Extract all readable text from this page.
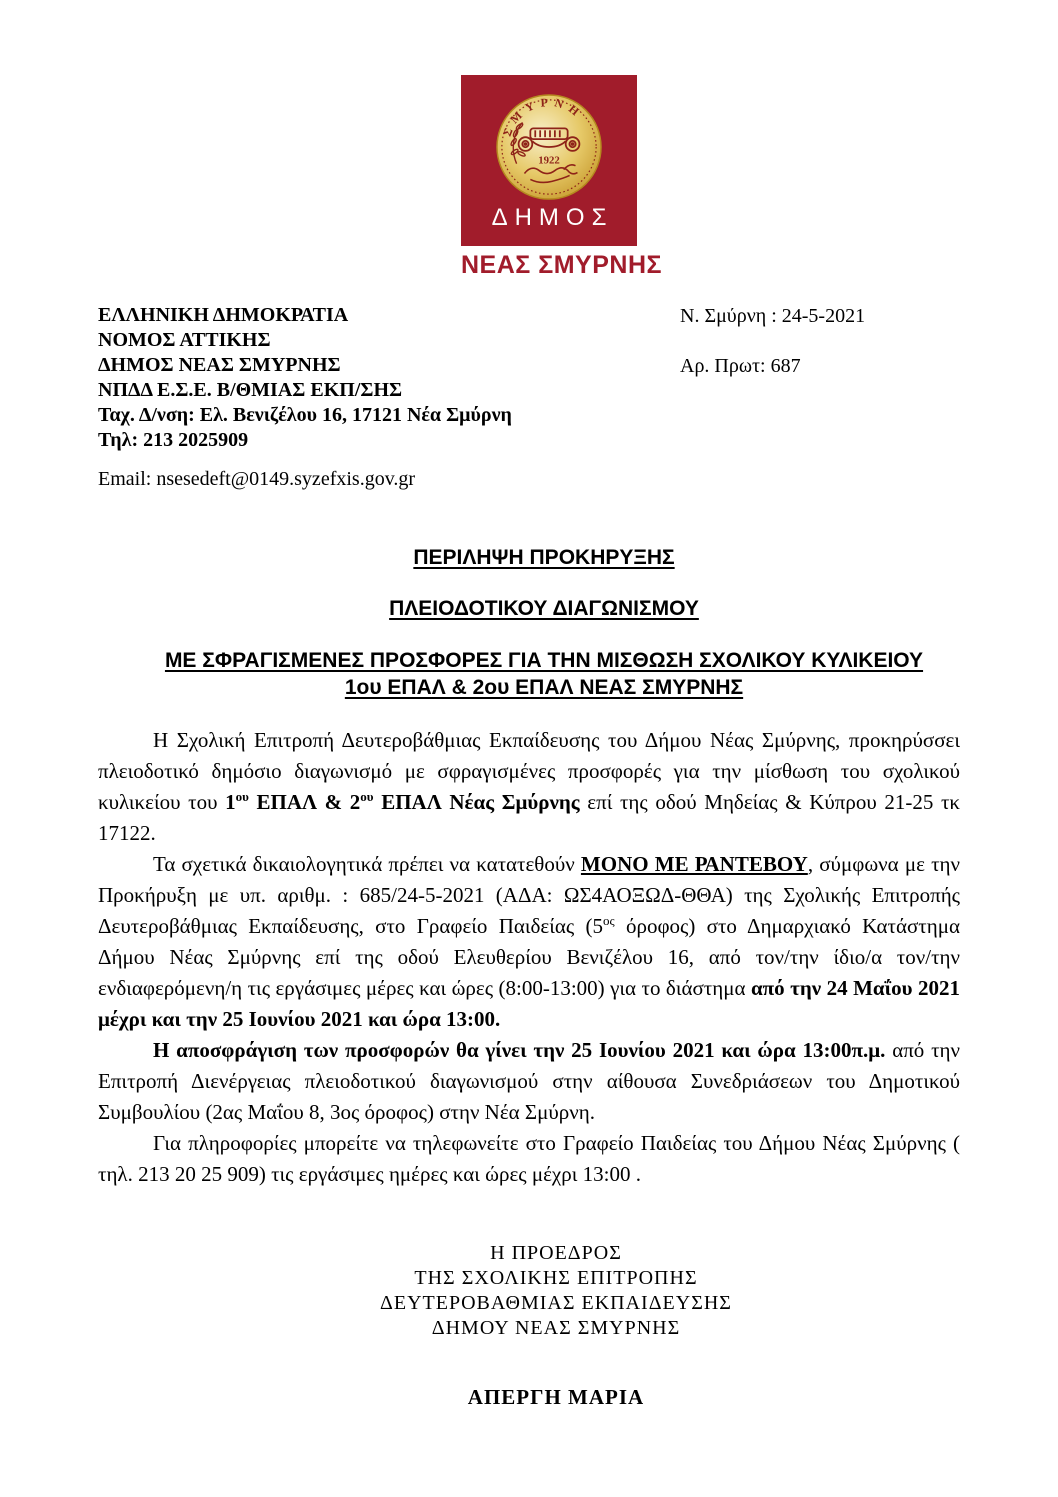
ΣΜΥΡΝΗ
1922
ΔΗΜΟΣ
ΝΕΑΣ ΣΜΥΡΝΗΣ
ΕΛΛΗΝΙΚΗ ΔΗΜΟΚΡΑΤΙΑ
ΝΟΜΟΣ ΑΤΤΙΚΗΣ
ΔΗΜΟΣ ΝΕΑΣ ΣΜΥΡΝΗΣ
ΝΠΔΔ Ε.Σ.Ε. Β/ΘΜΙΑΣ ΕΚΠ/ΣΗΣ
Ταχ. Δ/νση: Ελ. Βενιζέλου 16, 17121 Νέα Σμύρνη
Τηλ: 213 2025909
Ν. Σμύρνη : 24-5-2021
Αρ. Πρωτ: 687
Email: nsesedeft@0149.syzefxis.gov.gr
ΠΕΡΙΛΗΨΗ ΠΡΟΚΗΡΥΞΗΣ
ΠΛΕΙΟΔΟΤΙΚΟΥ ΔΙΑΓΩΝΙΣΜΟΥ
ΜΕ ΣΦΡΑΓΙΣΜΕΝΕΣ ΠΡΟΣΦΟΡΕΣ ΓΙΑ ΤΗΝ ΜΙΣΘΩΣΗ ΣΧΟΛΙΚΟΥ ΚΥΛΙΚΕΙΟΥ
1ου ΕΠΑΛ & 2ου ΕΠΑΛ ΝΕΑΣ ΣΜΥΡΝΗΣ

Η Σχολική Επιτροπή Δευτεροβάθμιας Εκπαίδευσης του Δήμου Νέας Σμύρνης, προκηρύσσει πλειοδοτικό δημόσιο διαγωνισμό με σφραγισμένες προσφορές για την μίσθωση του σχολικού κυλικείου του $1^{o\upsilon}$ ΕΠΑΛ & $2^{o\upsilon}$ ΕΠΑΛ Νέας Σμύρνης επί της οδού Μηδείας & Κύπρου 21-25 τκ 17122.

Τα σχετικά δικαιολογητικά πρέπει να κατατεθούν ΜΟΝΟ ΜΕ ΡΑΝΤΕΒΟΥ, σύμφωνα με την Προκήρυξη με υπ. αριθμ. : 685/24-5-2021 (ΑΔΑ: ΩΣ4ΑΟΞΩΔ-ΘΘΑ) της Σχολικής Επιτροπής Δευτεροβάθμιας Εκπαίδευσης, στο Γραφείο Παιδείας ($5^{o\varsigma}$ όροφος) στο Δημαρχιακό Κατάστημα Δήμου Νέας Σμύρνης επί της οδού Ελευθερίου Βενιζέλου 16, από τον/την ίδιο/α τον/την ενδιαφερόμενη/η τις εργάσιμες μέρες και ώρες (8:00-13:00) για το διάστημα από την 24 Μαΐου 2021 μέχρι και την 25 Ιουνίου 2021 και ώρα 13:00.

Η αποσφράγιση των προσφορών θα γίνει την 25 Ιουνίου 2021 και ώρα 13:00π.μ. από την Επιτροπή Διενέργειας πλειοδοτικού διαγωνισμού στην αίθουσα Συνεδριάσεων του Δημοτικού Συμβουλίου (2ας Μαΐου 8, 3ος όροφος) στην Νέα Σμύρνη.

Για πληροφορίες μπορείτε να τηλεφωνείτε στο Γραφείο Παιδείας του Δήμου Νέας Σμύρνης ( τηλ. 213 20 25 909) τις εργάσιμες ημέρες και ώρες μέχρι 13:00 .

Η ΠΡΟΕΔΡΟΣ
ΤΗΣ ΣΧΟΛΙΚΗΣ ΕΠΙΤΡΟΠΗΣ
ΔΕΥΤΕΡΟΒΑΘΜΙΑΣ ΕΚΠΑΙΔΕΥΣΗΣ
ΔΗΜΟΥ ΝΕΑΣ ΣΜΥΡΝΗΣ
ΑΠΕΡΓΗ ΜΑΡΙΑ
